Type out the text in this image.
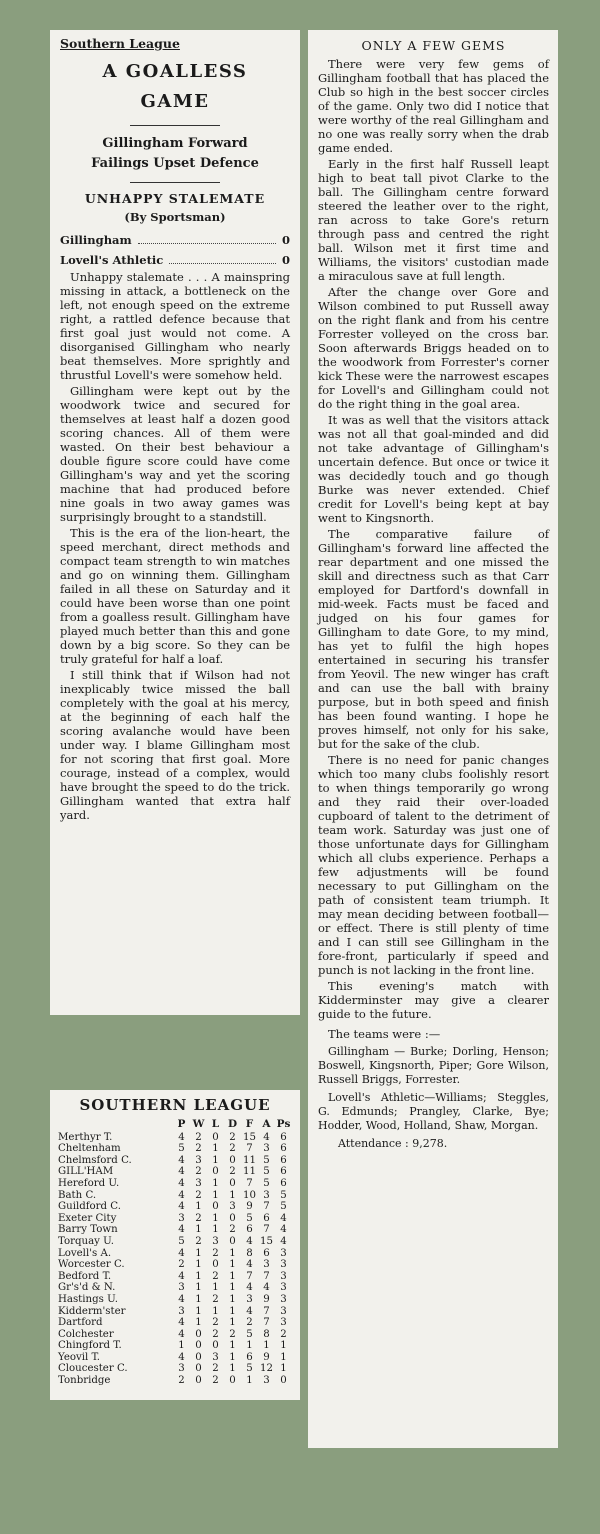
Southern League
A GOALLESS
GAME
Gillingham Forward
Failings Upset Defence
UNHAPPY STALEMATE
(By Sportsman)
Gillingham	0
Lovell's Athletic	0

Unhappy stalemate . . . A mainspring missing in attack, a bottleneck on the left, not enough speed on the extreme right, a rattled defence because that first goal just would not come. A disorganised Gillingham who nearly beat themselves. More sprightly and thrustful Lovell's were somehow held.

Gillingham were kept out by the woodwork twice and secured for themselves at least half a dozen good scoring chances. All of them were wasted. On their best behaviour a double figure score could have come Gillingham's way and yet the scoring machine that had produced before nine goals in two away games was surprisingly brought to a standstill.

This is the era of the lion-heart, the speed merchant, direct methods and compact team strength to win matches and go on winning them. Gillingham failed in all these on Saturday and it could have been worse than one point from a goalless result. Gillingham have played much better than this and gone down by a big score. So they can be truly grateful for half a loaf.

I still think that if Wilson had not inexplicably twice missed the ball completely with the goal at his mercy, at the beginning of each half the scoring avalanche would have been under way. I blame Gillingham most for not scoring that first goal. More courage, instead of a complex, would have brought the speed to do the trick. Gillingham wanted that extra half yard.

ONLY A FEW GEMS

There were very few gems of Gillingham football that has placed the Club so high in the best soccer circles of the game. Only two did I notice that were worthy of the real Gillingham and no one was really sorry when the drab game ended.

Early in the first half Russell leapt high to beat tall pivot Clarke to the ball. The Gillingham centre forward steered the leather over to the right, ran across to take Gore's return through pass and centred the right ball. Wilson met it first time and Williams, the visitors' custodian made a miraculous save at full length.

After the change over Gore and Wilson combined to put Russell away on the right flank and from his centre Forrester volleyed on the cross bar. Soon afterwards Briggs headed on to the woodwork from Forrester's corner kick These were the narrowest escapes for Lovell's and Gillingham could not do the right thing in the goal area.

It was as well that the visitors attack was not all that goal-minded and did not take advantage of Gillingham's uncertain defence. But once or twice it was decidedly touch and go though Burke was never extended. Chief credit for Lovell's being kept at bay went to Kingsnorth.

The comparative failure of Gillingham's forward line affected the rear department and one missed the skill and directness such as that Carr employed for Dartford's downfall in mid-week. Facts must be faced and judged on his four games for Gillingham to date Gore, to my mind, has yet to fulfil the high hopes entertained in securing his transfer from Yeovil. The new winger has craft and can use the ball with brainy purpose, but in both speed and finish has been found wanting. I hope he proves himself, not only for his sake, but for the sake of the club.

There is no need for panic changes which too many clubs foolishly resort to when things temporarily go wrong and they raid their over-loaded cupboard of talent to the detriment of team work. Saturday was just one of those unfortunate days for Gillingham which all clubs experience. Perhaps a few adjustments will be found necessary to put Gillingham on the path of consistent team triumph. It may mean deciding between football—or effect. There is still plenty of time and I can still see Gillingham in the fore-front, particularly if speed and punch is not lacking in the front line.

This evening's match with Kidderminster may give a clearer guide to the future.

The teams were :—

Gillingham — Burke; Dorling, Henson; Boswell, Kingsnorth, Piper; Gore Wilson, Russell Briggs, Forrester.

Lovell's Athletic—Williams; Steggles, G. Edmunds; Prangley, Clarke, Bye; Hodder, Wood, Holland, Shaw, Morgan.

Attendance : 9,278.
SOUTHERN LEAGUE
	P	W	L	D	F	A	Ps
Merthyr T.	4	2	0	2	15	4	6
Cheltenham	5	2	1	2	7	3	6
Chelmsford C.	4	3	1	0	11	5	6
GILL'HAM	4	2	0	2	11	5	6
Hereford U.	4	3	1	0	7	5	6
Bath C.	4	2	1	1	10	3	5
Guildford C.	4	1	0	3	9	7	5
Exeter City	3	2	1	0	5	6	4
Barry Town	4	1	1	2	6	7	4
Torquay U.	5	2	3	0	4	15	4
Lovell's A.	4	1	2	1	8	6	3
Worcester C.	2	1	0	1	4	3	3
Bedford T.	4	1	2	1	7	7	3
Gr's'd & N.	3	1	1	1	4	4	3
Hastings U.	4	1	2	1	3	9	3
Kidderm'ster	3	1	1	1	4	7	3
Dartford	4	1	2	1	2	7	3
Colchester	4	0	2	2	5	8	2
Chingford T.	1	0	0	1	1	1	1
Yeovil T.	4	0	3	1	6	9	1
Cloucester C.	3	0	2	1	5	12	1
Tonbridge	2	0	2	0	1	3	0
